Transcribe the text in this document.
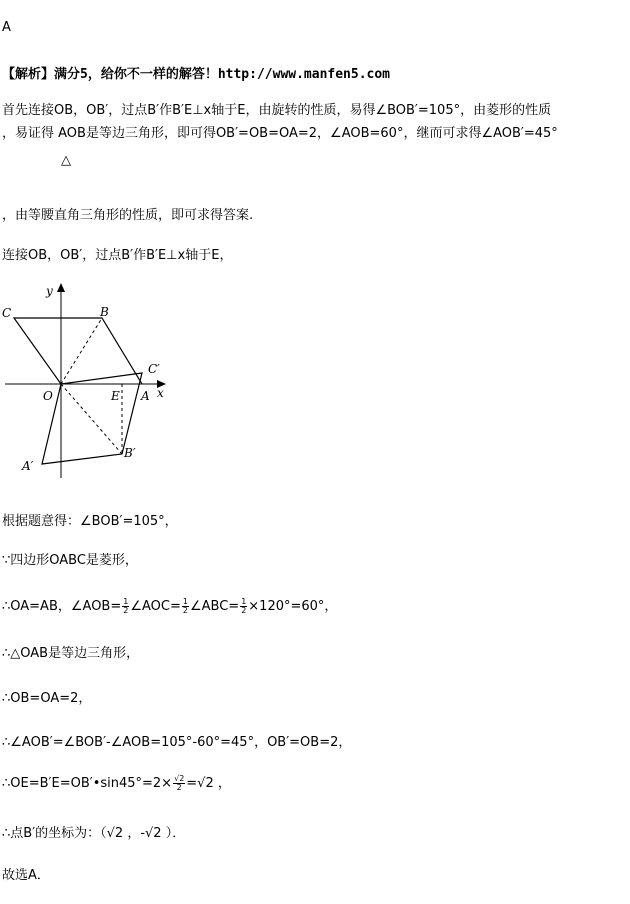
A
【解析】满分5，给你不一样的解答！http://www.manfen5.com
首先连接OB，OB′，过点B′作B′E⊥x轴于E，由旋转的性质，易得∠BOB′=105°，由菱形的性质
，易证得 AOB是等边三角形，即可得OB′=OB=OA=2，∠AOB=60°，继而可求得∠AOB′=45°
△
，由等腰直角三角形的性质，即可求得答案.
连接OB，OB′，过点B′作B′E⊥x轴于E，
y
x
C	B
C′
O	E A
A′
B′
根据题意得：∠BOB′=105°，
∵四边形OABC是菱形，
∴OA=AB，∠AOB= $\frac{1}{2}$ ∠AOC= $\frac{1}{2}$ ∠ABC= $\frac{1}{2} \times 120^\circ=60^\circ$，
∴△OAB是等边三角形，
∴OB=OA=2，
∴∠AOB′=∠BOB′-∠AOB=105°-60°=45°，OB′=OB=2，
∴OE=B′E=OB′•sin45°=2× $\frac{√2}{2} =√2$ ，
∴点B′的坐标为：（√2 ，-√2 ）．
故选A．
